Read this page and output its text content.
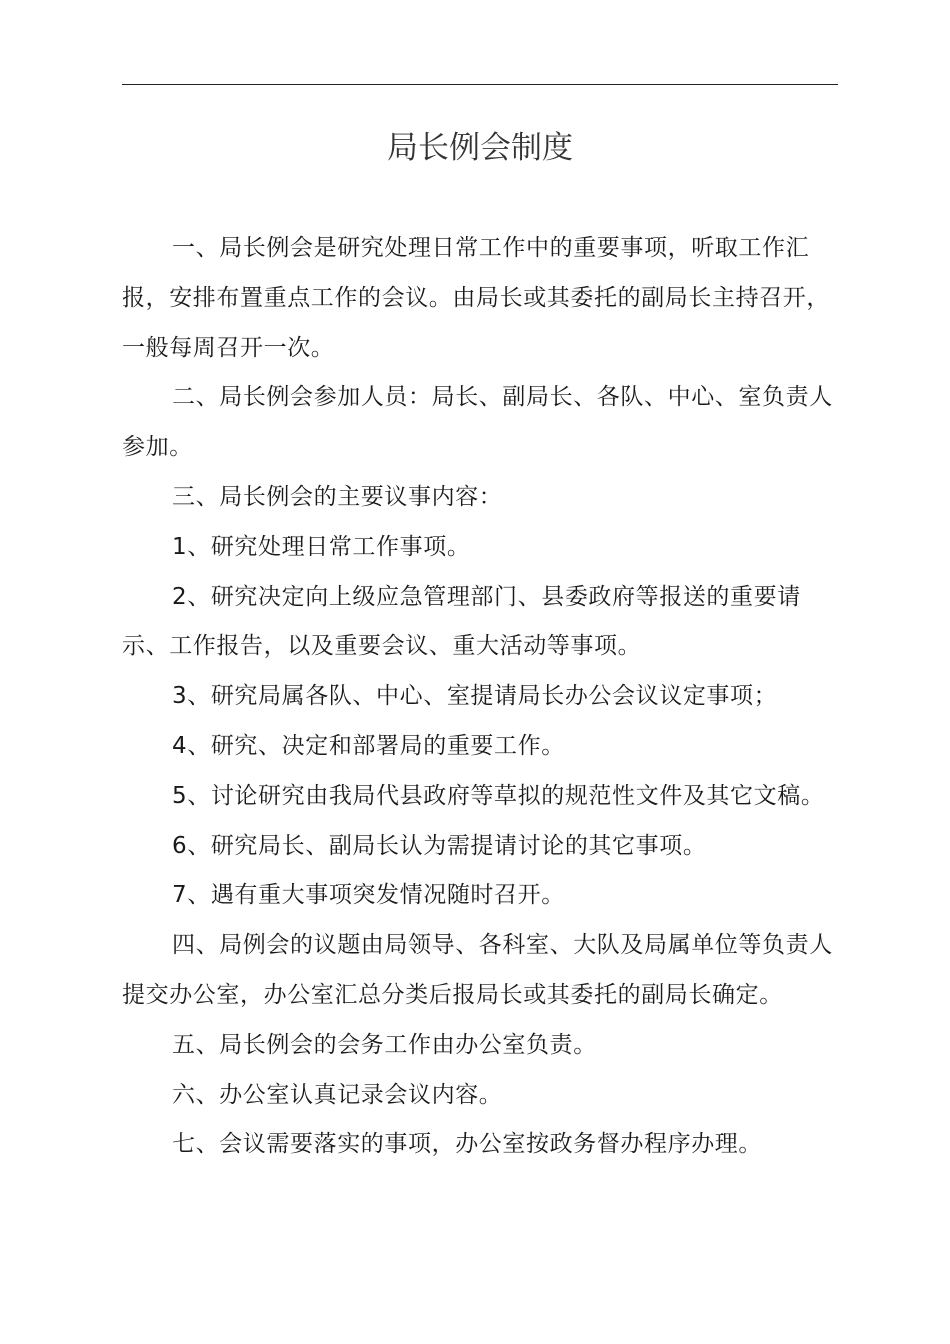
局长例会制度

一、局长例会是研究处理日常工作中的重要事项，听取工作汇报，安排布置重点工作的会议。由局长或其委托的副局长主持召开，一般每周召开一次。

二、局长例会参加人员：局长、副局长、各队、中心、室负责人参加。

三、局长例会的主要议事内容：

1、研究处理日常工作事项。

2、研究决定向上级应急管理部门、县委政府等报送的重要请示、工作报告，以及重要会议、重大活动等事项。

3、研究局属各队、中心、室提请局长办公会议议定事项；

4、研究、决定和部署局的重要工作。

5、讨论研究由我局代县政府等草拟的规范性文件及其它文稿。

6、研究局长、副局长认为需提请讨论的其它事项。

7、遇有重大事项突发情况随时召开。

四、局例会的议题由局领导、各科室、大队及局属单位等负责人提交办公室，办公室汇总分类后报局长或其委托的副局长确定。

五、局长例会的会务工作由办公室负责。

六、办公室认真记录会议内容。

七、会议需要落实的事项，办公室按政务督办程序办理。
